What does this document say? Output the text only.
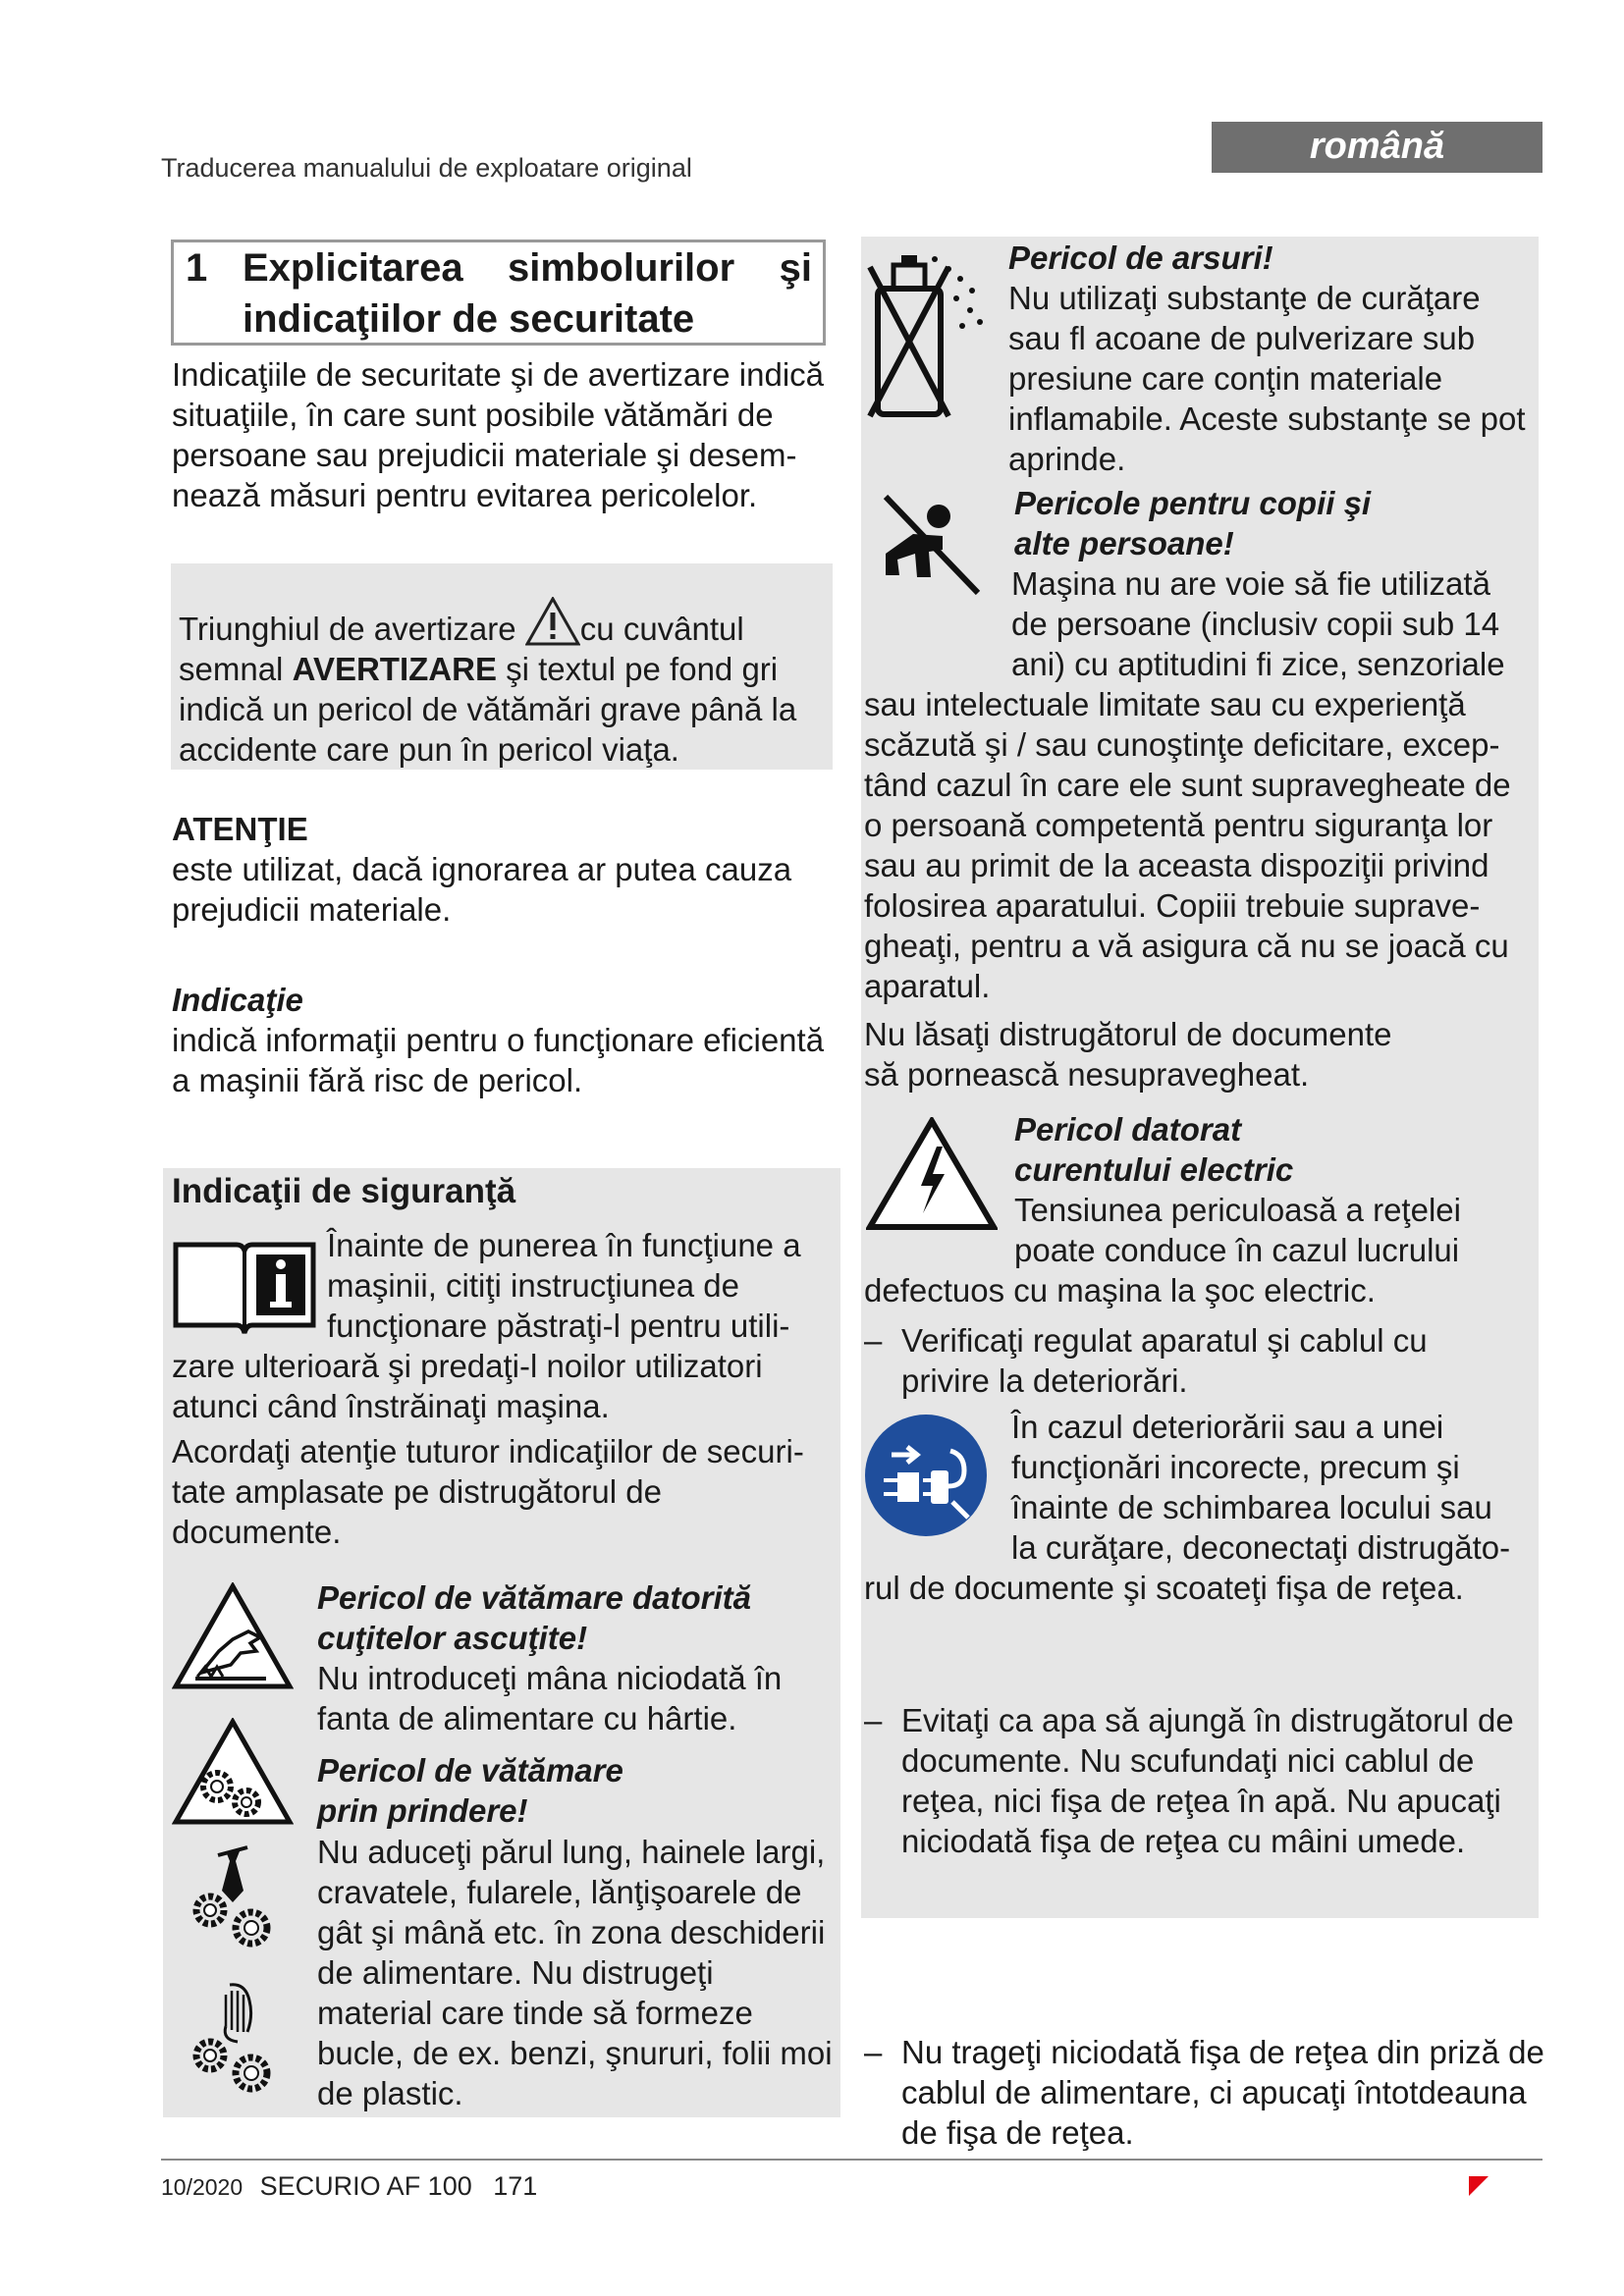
Traducerea manualului de exploatare original
română
1 Explicitarea simbolurilor şi
indicaţiilor de securitate

Indicaţiile de securitate şi de avertizare indică situaţiile, în care sunt posibile vătămări de persoane sau prejudicii materiale şi desemnează măsuri pentru evitarea pericolelor.

Triunghiul de avertizare cu cuvântul semnal AVERTIZARE şi textul pe fond gri indică un pericol de vătămări grave până la accidente care pun în pericol viaţa.

ATENŢIE

este utilizat, dacă ignorarea ar putea cauza prejudicii materiale.

Indicaţie

indică informaţii pentru o funcţionare eficientă a maşinii fără risc de pericol.

Indicaţii de siguranţă
Înainte de punerea în funcţiune a maşinii, citiţi instrucţiunea de funcţionare păstraţi-l pentru utilizare ulterioară şi predaţi-l noilor utilizatori atunci când înstrăinaţi maşina.

Acordaţi atenţie tuturor indicaţiilor de securitate amplasate pe distrugătorul de documente.

Pericol de vătămare datorită cuţitelor ascuţite!

Nu introduceţi mâna niciodată în fanta de alimentare cu hârtie.

Pericol de vătămare prin prindere!

Nu aduceţi părul lung, hainele largi, cravatele, fularele, lănţişoarele de gât şi mână etc. în zona deschiderii de alimentare. Nu distrugeţi material care tinde să formeze bucle, de ex. benzi, şnururi, folii moi de plastic.

Pericol de arsuri!

Nu utilizaţi substanţe de curăţare sau fl acoane de pulverizare sub presiune care conţin materiale inflamabile. Aceste substanţe se pot aprinde.

Pericole pentru copii şi alte persoane!

Maşina nu are voie să fie utilizată de persoane (inclusiv copii sub 14 ani) cu aptitudini fi zice, senzoriale sau intelectuale limitate sau cu experienţă scăzută şi / sau cunoştinţe deficitare, exceptând cazul în care ele sunt supravegheate de o persoană competentă pentru siguranţa lor sau au primit de la aceasta dispoziţii privind folosirea aparatului. Copiii trebuie supravegheaţi, pentru a vă asigura că nu se joacă cu aparatul.

Nu lăsaţi distrugătorul de documente să pornească nesupravegheat.

Pericol datorat curentului electric

Tensiunea periculoasă a reţelei poate conduce în cazul lucrului defectuos cu maşina la şoc electric.

– Verificaţi regulat aparatul şi cablul cu privire la deteriorări.

În cazul deteriorării sau a unei funcţionări incorecte, precum şi înainte de schimbarea locului sau la curăţare, deconectaţi distrugătorul de documente şi scoateţi fişa de reţea.

– Evitaţi ca apa să ajungă în distrugătorul de documente. Nu scufundaţi nici cablul de reţea, nici fişa de reţea în apă. Nu apucaţi niciodată fişa de reţea cu mâini umede.
– Nu trageţi niciodată fişa de reţea din priză de cablul de alimentare, ci apucaţi întotdeauna de fişa de reţea.
10/2020 SECURIO AF 100 171
